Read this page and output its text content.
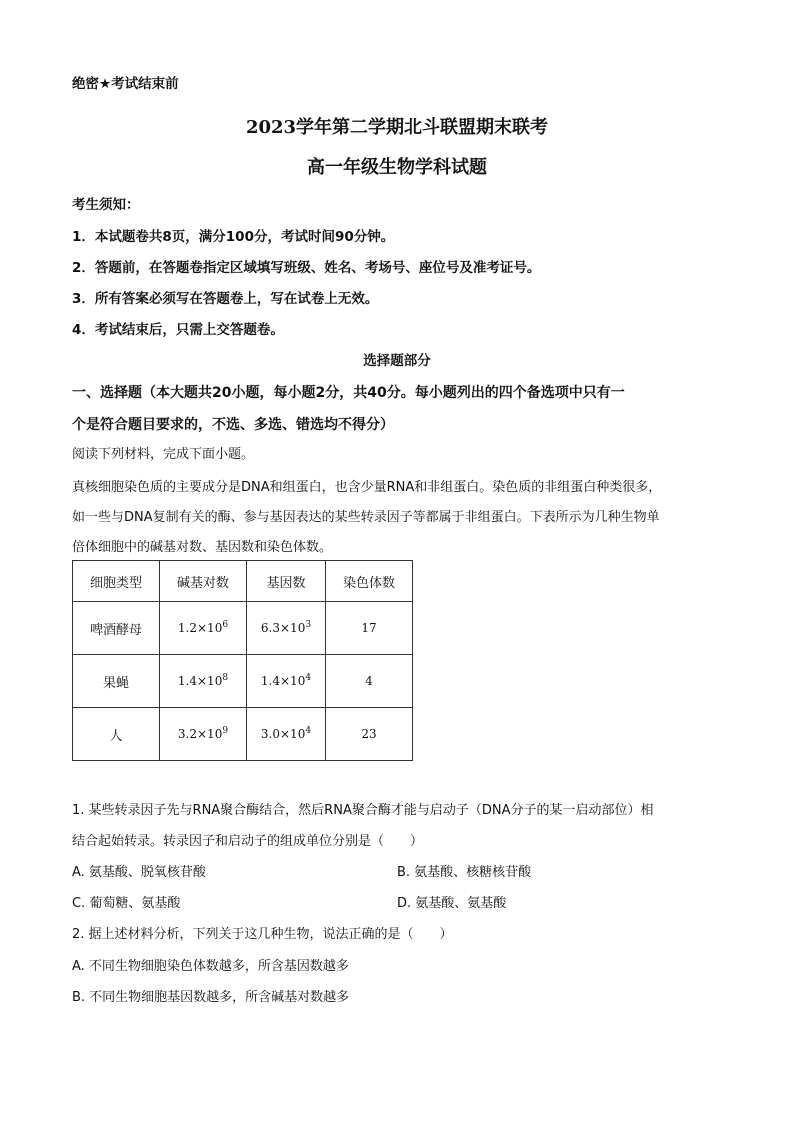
绝密★考试结束前
2023学年第二学期北斗联盟期末联考
高一年级生物学科试题
考生须知：
1．本试题卷共8页，满分100分，考试时间90分钟。
2．答题前，在答题卷指定区域填写班级、姓名、考场号、座位号及准考证号。
3．所有答案必须写在答题卷上，写在试卷上无效。
4．考试结束后，只需上交答题卷。
选择题部分
一、选择题（本大题共20小题，每小题2分，共40分。每小题列出的四个备选项中只有一
个是符合题目要求的，不选、多选、错选均不得分）
阅读下列材料，完成下面小题。
真核细胞染色质的主要成分是DNA和组蛋白，也含少量RNA和非组蛋白。染色质的非组蛋白种类很多，
如一些与DNA复制有关的酶、参与基因表达的某些转录因子等都属于非组蛋白。下表所示为几种生物单
倍体细胞中的碱基对数、基因数和染色体数。
细胞类型	碱基对数	基因数	染色体数
啤酒酵母	$1.2\times 10^6$	$6.3\times 10^3$	17
果蝇	$1.4\times 10^8$	$1.4\times 10^4$	4
人	$3.2\times 10^9$	$3.0\times 10^4$	23
1. 某些转录因子先与RNA聚合酶结合，然后RNA聚合酶才能与启动子（DNA分子的某一启动部位）相
结合起始转录。转录因子和启动子的组成单位分别是（　　）
A. 氨基酸、脱氧核苷酸	B. 氨基酸、核糖核苷酸
C. 葡萄糖、氨基酸	D. 氨基酸、氨基酸
2. 据上述材料分析，下列关于这几种生物，说法正确的是（　　）
A. 不同生物细胞染色体数越多，所含基因数越多
B. 不同生物细胞基因数越多，所含碱基对数越多
